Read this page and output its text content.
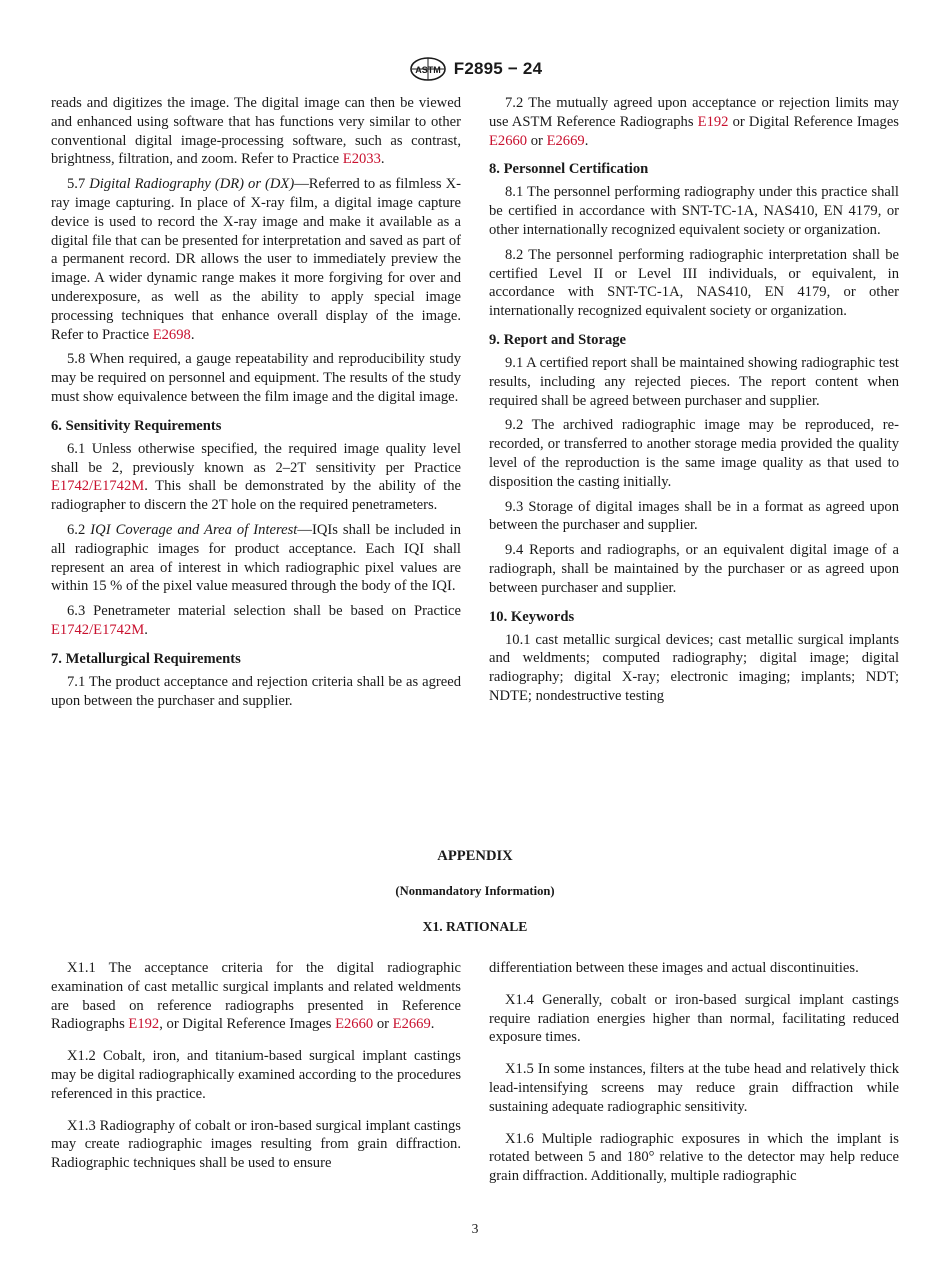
ASTM F2895 − 24

reads and digitizes the image. The digital image can then be viewed and enhanced using software that has functions very similar to other conventional digital image-processing software, such as contrast, brightness, filtration, and zoom. Refer to Practice E2033.

5.7 Digital Radiography (DR) or (DX)—Referred to as filmless X-ray image capturing. In place of X-ray film, a digital image capture device is used to record the X-ray image and make it available as a digital file that can be presented for interpretation and saved as part of a permanent record. DR allows the user to immediately preview the image. A wider dynamic range makes it more forgiving for over and underexposure, as well as the ability to apply special image processing techniques that enhance overall display of the image. Refer to Practice E2698.

5.8 When required, a gauge repeatability and reproducibility study may be required on personnel and equipment. The results of the study must show equivalence between the film image and the digital image.

6. Sensitivity Requirements

6.1 Unless otherwise specified, the required image quality level shall be 2, previously known as 2–2T sensitivity per Practice E1742/E1742M. This shall be demonstrated by the ability of the radiographer to discern the 2T hole on the required penetrameters.

6.2 IQI Coverage and Area of Interest—IQIs shall be included in all radiographic images for product acceptance. Each IQI shall represent an area of interest in which radiographic pixel values are within 15 % of the pixel value measured through the body of the IQI.

6.3 Penetrameter material selection shall be based on Practice E1742/E1742M.

7. Metallurgical Requirements

7.1 The product acceptance and rejection criteria shall be as agreed upon between the purchaser and supplier.

7.2 The mutually agreed upon acceptance or rejection limits may use ASTM Reference Radiographs E192 or Digital Reference Images E2660 or E2669.

8. Personnel Certification

8.1 The personnel performing radiography under this practice shall be certified in accordance with SNT-TC-1A, NAS410, EN 4179, or other internationally recognized equivalent society or organization.

8.2 The personnel performing radiographic interpretation shall be certified Level II or Level III individuals, or equivalent, in accordance with SNT-TC-1A, NAS410, EN 4179, or other internationally recognized equivalent society or organization.

9. Report and Storage

9.1 A certified report shall be maintained showing radiographic test results, including any rejected pieces. The report content when required shall be agreed between purchaser and supplier.

9.2 The archived radiographic image may be reproduced, re-recorded, or transferred to another storage media provided the quality level of the reproduction is the same image quality as that used to disposition the casting initially.

9.3 Storage of digital images shall be in a format as agreed upon between the purchaser and supplier.

9.4 Reports and radiographs, or an equivalent digital image of a radiograph, shall be maintained by the purchaser or as agreed upon between purchaser and supplier.

10. Keywords

10.1 cast metallic surgical devices; cast metallic surgical implants and weldments; computed radiography; digital image; digital radiography; digital X-ray; electronic imaging; implants; NDT; NDTE; nondestructive testing

APPENDIX
(Nonmandatory Information)
X1. RATIONALE

X1.1 The acceptance criteria for the digital radiographic examination of cast metallic surgical implants and related weldments are based on reference radiographs presented in Reference Radiographs E192, or Digital Reference Images E2660 or E2669.

X1.2 Cobalt, iron, and titanium-based surgical implant castings may be digital radiographically examined according to the procedures referenced in this practice.

X1.3 Radiography of cobalt or iron-based surgical implant castings may create radiographic images resulting from grain diffraction. Radiographic techniques shall be used to ensure

differentiation between these images and actual discontinuities.

X1.4 Generally, cobalt or iron-based surgical implant castings require radiation energies higher than normal, facilitating reduced exposure times.

X1.5 In some instances, filters at the tube head and relatively thick lead-intensifying screens may reduce grain diffraction while sustaining adequate radiographic sensitivity.

X1.6 Multiple radiographic exposures in which the implant is rotated between 5 and 180° relative to the detector may help reduce grain diffraction. Additionally, multiple radiographic

3
